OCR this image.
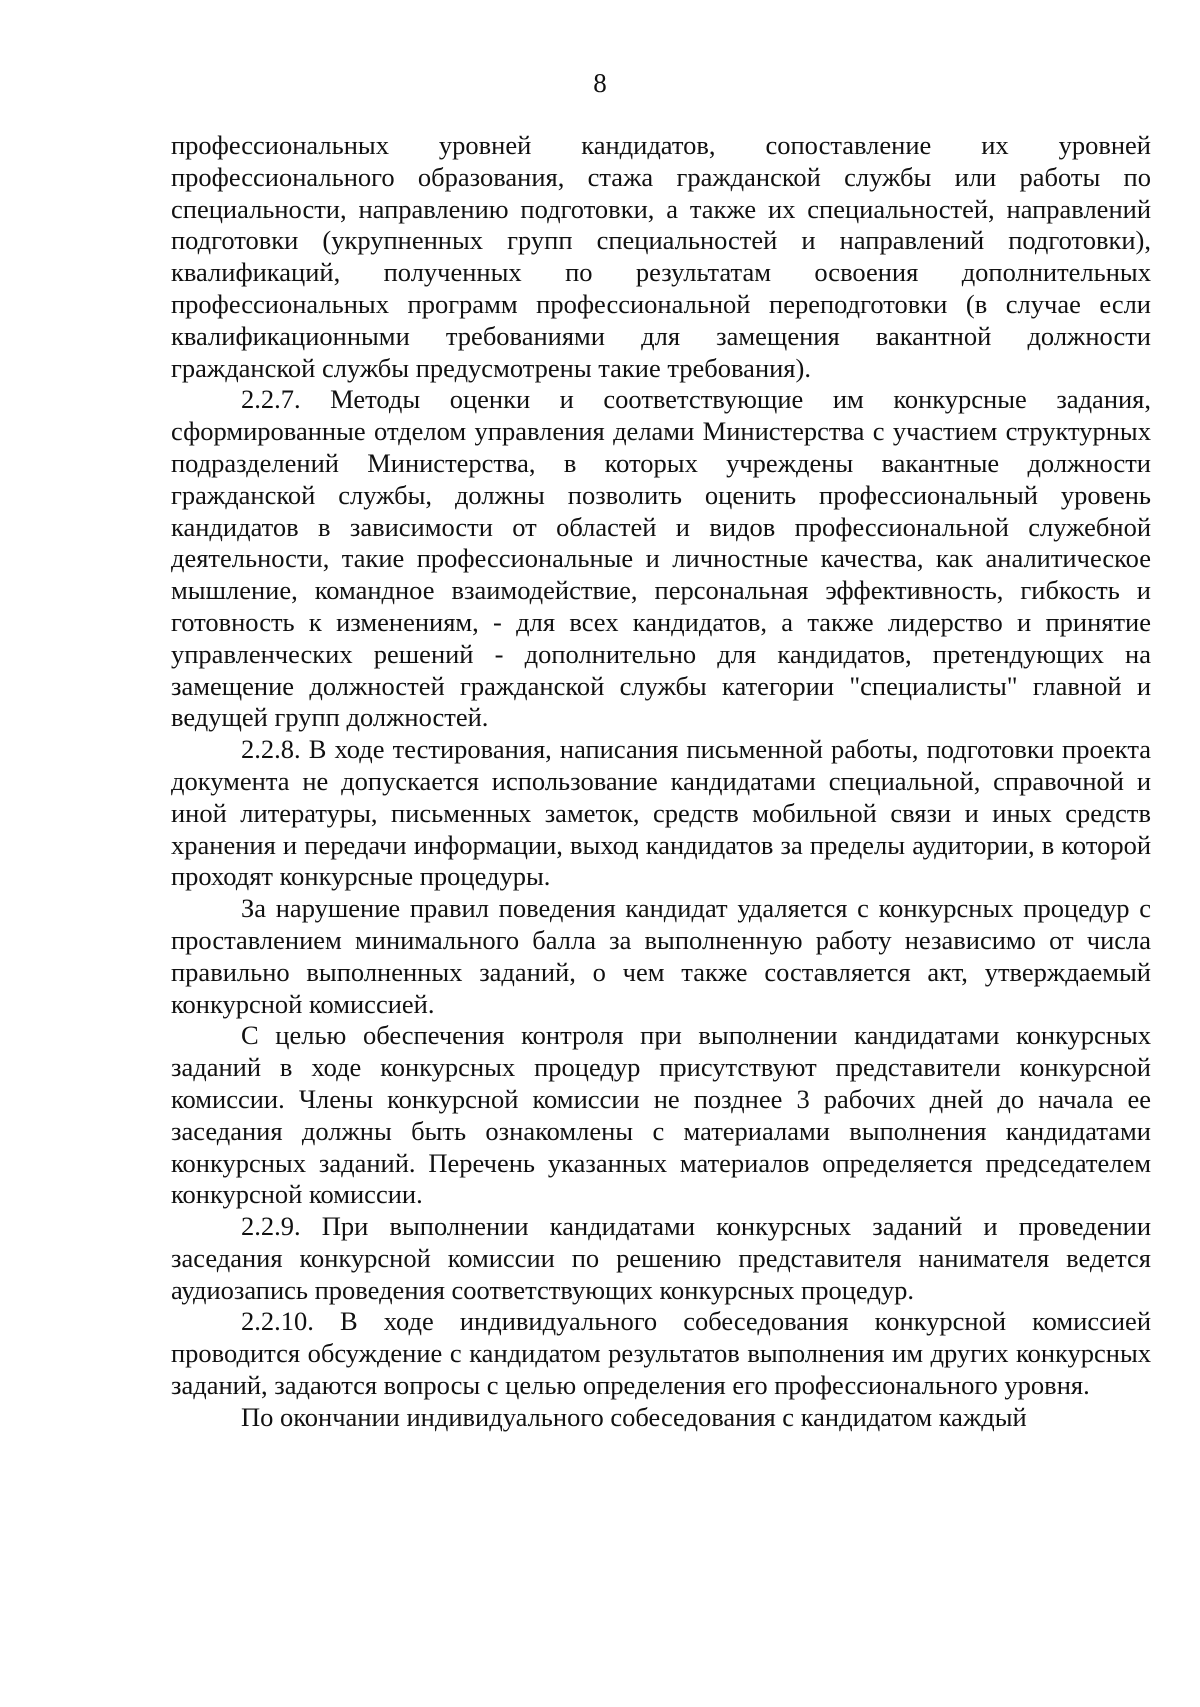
8

профессиональных уровней кандидатов, сопоставление их уровней профессионального образования, стажа гражданской службы или работы по специальности, направлению подготовки, а также их специальностей, направлений подготовки (укрупненных групп специальностей и направлений подготовки), квалификаций, полученных по результатам освоения дополнительных профессиональных программ профессиональной переподготовки (в случае если квалификационными требованиями для замещения вакантной должности гражданской службы предусмотрены такие требования).

2.2.7. Методы оценки и соответствующие им конкурсные задания, сформированные отделом управления делами Министерства с участием структурных подразделений Министерства, в которых учреждены вакантные должности гражданской службы, должны позволить оценить профессиональный уровень кандидатов в зависимости от областей и видов профессиональной служебной деятельности, такие профессиональные и личностные качества, как аналитическое мышление, командное взаимодействие, персональная эффективность, гибкость и готовность к изменениям, - для всех кандидатов, а также лидерство и принятие управленческих решений - дополнительно для кандидатов, претендующих на замещение должностей гражданской службы категории "специалисты" главной и ведущей групп должностей.

2.2.8. В ходе тестирования, написания письменной работы, подготовки проекта документа не допускается использование кандидатами специальной, справочной и иной литературы, письменных заметок, средств мобильной связи и иных средств хранения и передачи информации, выход кандидатов за пределы аудитории, в которой проходят конкурсные процедуры.

За нарушение правил поведения кандидат удаляется с конкурсных процедур с проставлением минимального балла за выполненную работу независимо от числа правильно выполненных заданий, о чем также составляется акт, утверждаемый конкурсной комиссией.

С целью обеспечения контроля при выполнении кандидатами конкурсных заданий в ходе конкурсных процедур присутствуют представители конкурсной комиссии. Члены конкурсной комиссии не позднее 3 рабочих дней до начала ее заседания должны быть ознакомлены с материалами выполнения кандидатами конкурсных заданий. Перечень указанных материалов определяется председателем конкурсной комиссии.

2.2.9. При выполнении кандидатами конкурсных заданий и проведении заседания конкурсной комиссии по решению представителя нанимателя ведется аудиозапись проведения соответствующих конкурсных процедур.

2.2.10. В ходе индивидуального собеседования конкурсной комиссией проводится обсуждение с кандидатом результатов выполнения им других конкурсных заданий, задаются вопросы с целью определения его профессионального уровня.

По окончании индивидуального собеседования с кандидатом каждый
